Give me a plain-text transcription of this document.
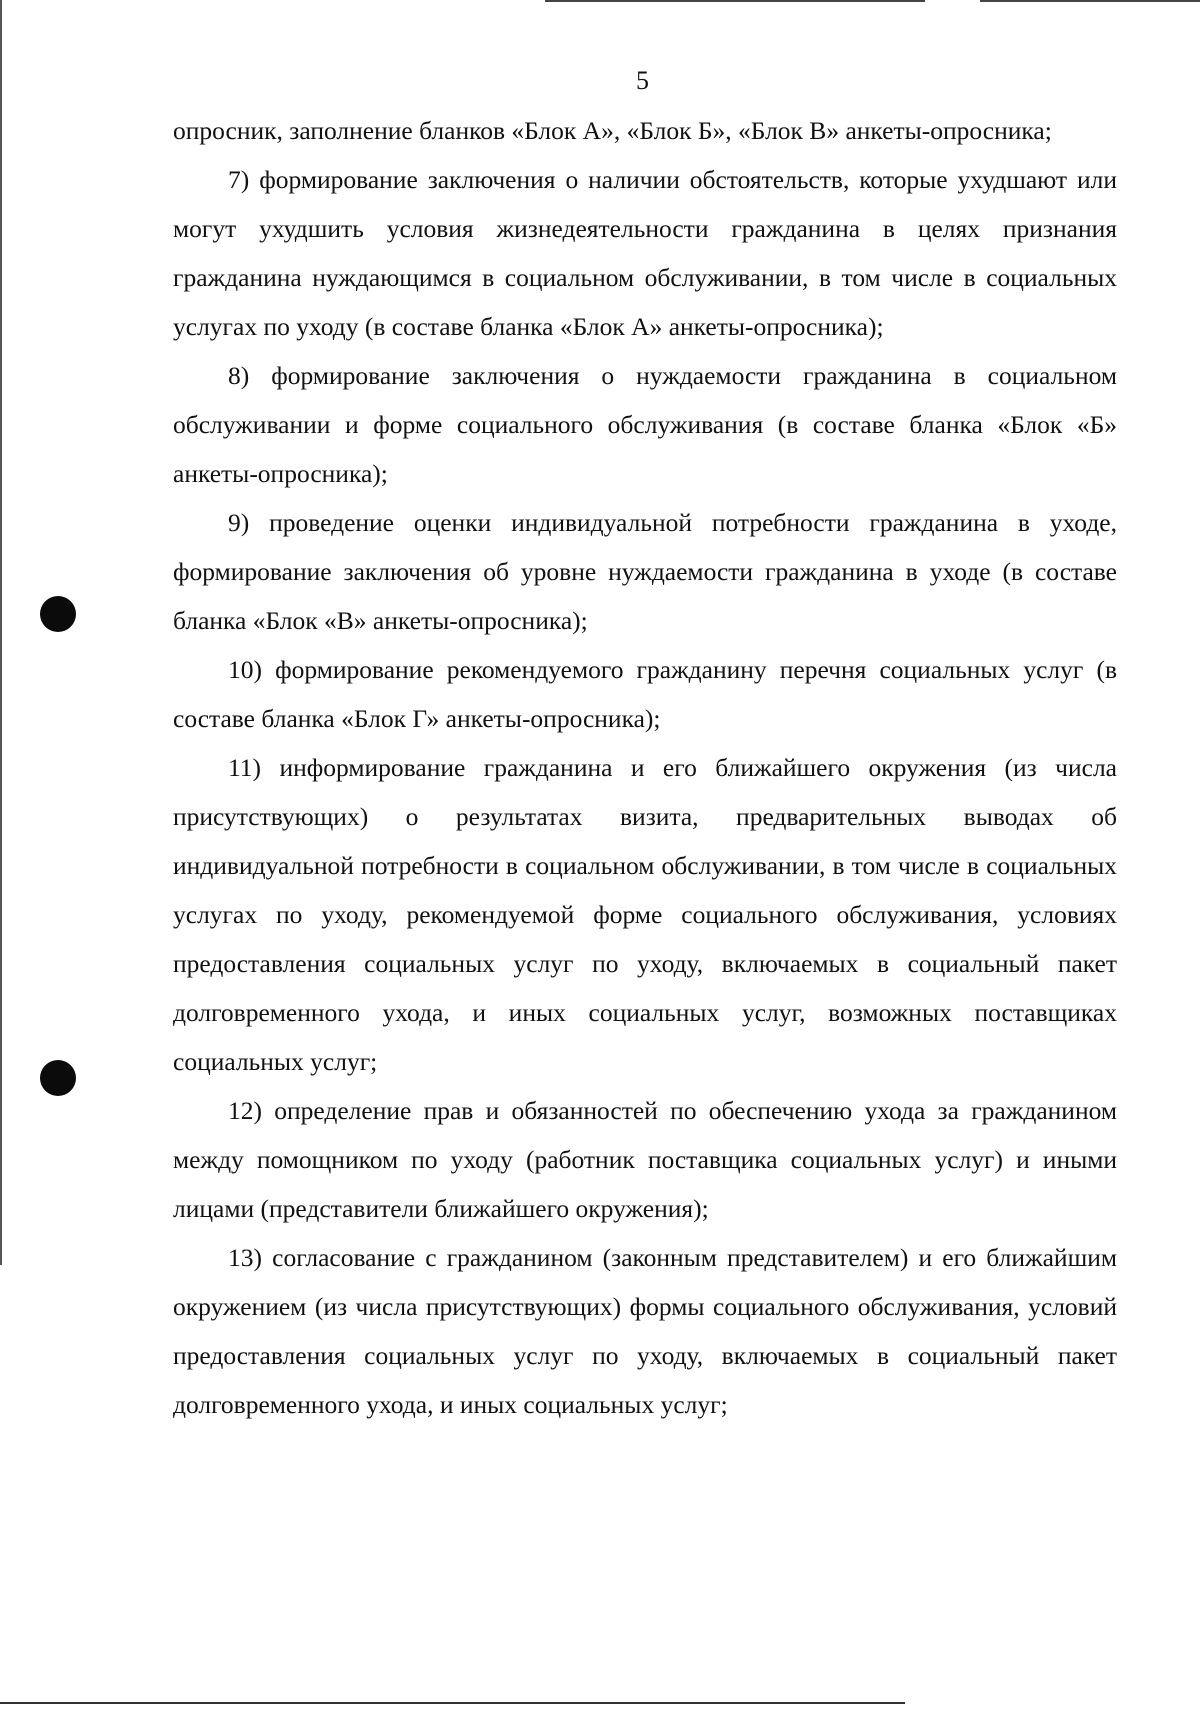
5

опросник, заполнение бланков «Блок А», «Блок Б», «Блок В» анкеты-опросника;

7) формирование заключения о наличии обстоятельств, которые ухудшают или могут ухудшить условия жизнедеятельности гражданина в целях признания гражданина нуждающимся в социальном обслуживании, в том числе в социальных услугах по уходу (в составе бланка «Блок А» анкеты-опросника);

8) формирование заключения о нуждаемости гражданина в социальном обслуживании и форме социального обслуживания (в составе бланка «Блок «Б» анкеты-опросника);

9) проведение оценки индивидуальной потребности гражданина в уходе, формирование заключения об уровне нуждаемости гражданина в уходе (в составе бланка «Блок «В» анкеты-опросника);

10) формирование рекомендуемого гражданину перечня социальных услуг (в составе бланка «Блок Г» анкеты-опросника);

11) информирование гражданина и его ближайшего окружения (из числа присутствующих) о результатах визита, предварительных выводах об индивидуальной потребности в социальном обслуживании, в том числе в социальных услугах по уходу, рекомендуемой форме социального обслуживания, условиях предоставления социальных услуг по уходу, включаемых в социальный пакет долговременного ухода, и иных социальных услуг, возможных поставщиках социальных услуг;

12) определение прав и обязанностей по обеспечению ухода за гражданином между помощником по уходу (работник поставщика социальных услуг) и иными лицами (представители ближайшего окружения);

13) согласование с гражданином (законным представителем) и его ближайшим окружением (из числа присутствующих) формы социального обслуживания, условий предоставления социальных услуг по уходу, включаемых в социальный пакет долговременного ухода, и иных социальных услуг;
